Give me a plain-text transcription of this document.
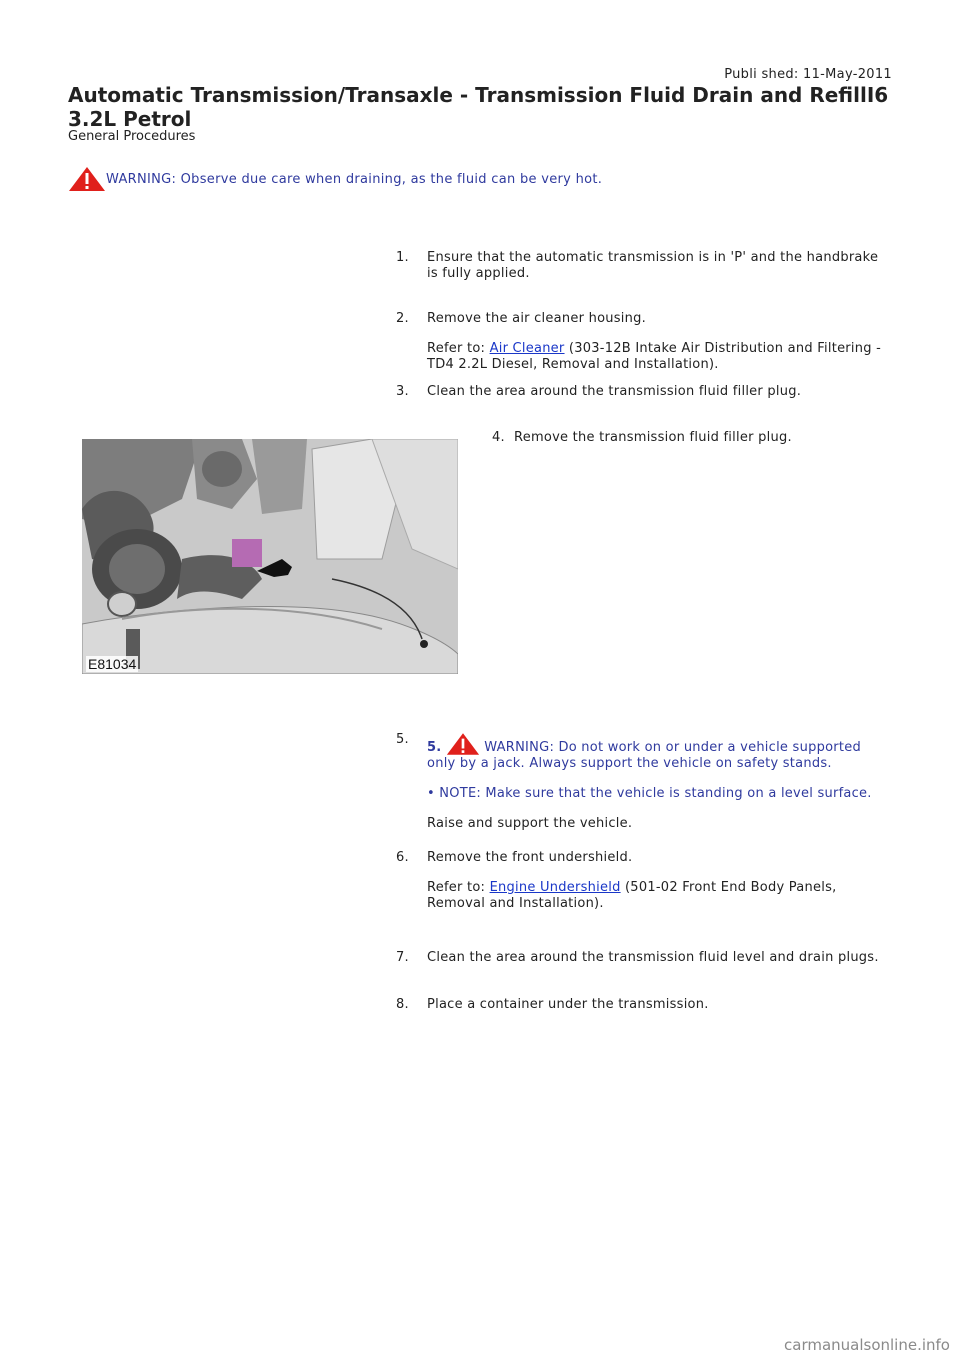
Publi shed: 11-May-2011
Automatic Transmission/Transaxle - Transmission Fluid Drain and RefillI6
3.2L Petrol
General Procedures
WARNING: Observe due care when draining, as the fluid can be very hot.
1. Ensure that the automatic transmission is in 'P' and the handbrake is fully applied.

2. Remove the air cleaner housing.

Refer to: Air Cleaner (303-12B Intake Air Distribution and Filtering - TD4 2.2L Diesel, Removal and Installation).

3. Clean the area around the transmission fluid filler plug.

4. Remove the transmission fluid filler plug.

E81034
5.

5.	WARNING: Do not work on or under a vehicle supported only by a jack. Always support the vehicle on safety stands.

• NOTE: Make sure that the vehicle is standing on a level surface.

Raise and support the vehicle.

6. Remove the front undershield.

Refer to: Engine Undershield (501-02 Front End Body Panels, Removal and Installation).

7. Clean the area around the transmission fluid level and drain plugs.

8. Place a container under the transmission.

carmanualsonline.info
